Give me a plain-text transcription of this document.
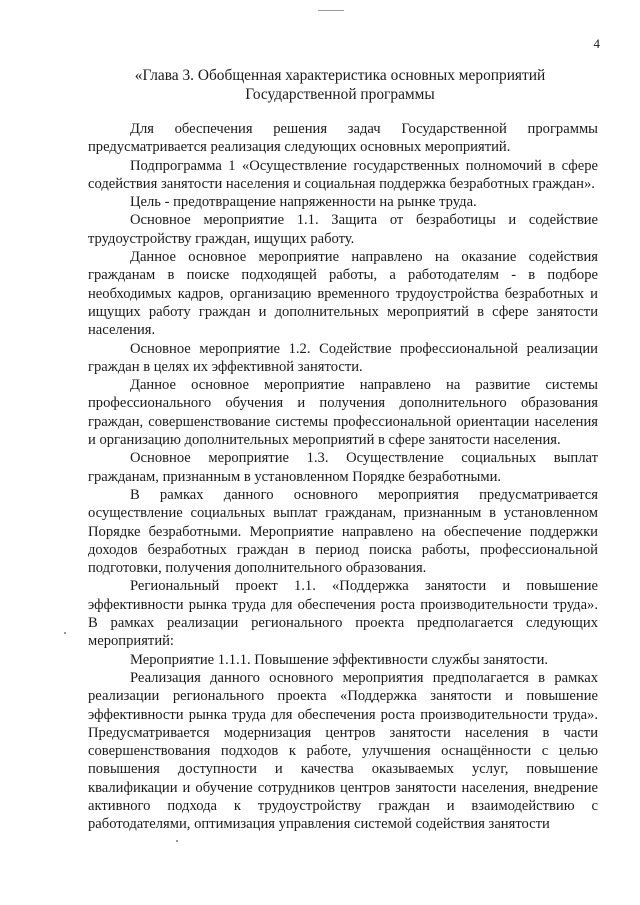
4
«Глава 3. Обобщенная характеристика основных мероприятий
Государственной программы

Для обеспечения решения задач Государственной программы предусматривается реализация следующих основных мероприятий.

Подпрограмма 1 «Осуществление государственных полномочий в сфере содействия занятости населения и социальная поддержка безработных граждан».

Цель - предотвращение напряженности на рынке труда.

Основное мероприятие 1.1. Защита от безработицы и содействие трудоустройству граждан, ищущих работу.

Данное основное мероприятие направлено на оказание содействия гражданам в поиске подходящей работы, а работодателям - в подборе необходимых кадров, организацию временного трудоустройства безработных и ищущих работу граждан и дополнительных мероприятий в сфере занятости населения.

Основное мероприятие 1.2. Содействие профессиональной реализации граждан в целях их эффективной занятости.

Данное основное мероприятие направлено на развитие системы профессионального обучения и получения дополнительного образования граждан, совершенствование системы профессиональной ориентации населения и организацию дополнительных мероприятий в сфере занятости населения.

Основное мероприятие 1.3. Осуществление социальных выплат гражданам, признанным в установленном Порядке безработными.

В рамках данного основного мероприятия предусматривается осуществление социальных выплат гражданам, признанным в установленном Порядке безработными. Мероприятие направлено на обеспечение поддержки доходов безработных граждан в период поиска работы, профессиональной подготовки, получения дополнительного образования.

Региональный проект 1.1. «Поддержка занятости и повышение эффективности рынка труда для обеспечения роста производительности труда». В рамках реализации регионального проекта предполагается следующих мероприятий:

Мероприятие 1.1.1. Повышение эффективности службы занятости.

Реализация данного основного мероприятия предполагается в рамках реализации регионального проекта «Поддержка занятости и повышение эффективности рынка труда для обеспечения роста производительности труда». Предусматривается модернизация центров занятости населения в части совершенствования подходов к работе, улучшения оснащённости с целью повышения доступности и качества оказываемых услуг, повышение квалификации и обучение сотрудников центров занятости населения, внедрение активного подхода к трудоустройству граждан и взаимодействию с работодателями, оптимизация управления системой содействия занятости
